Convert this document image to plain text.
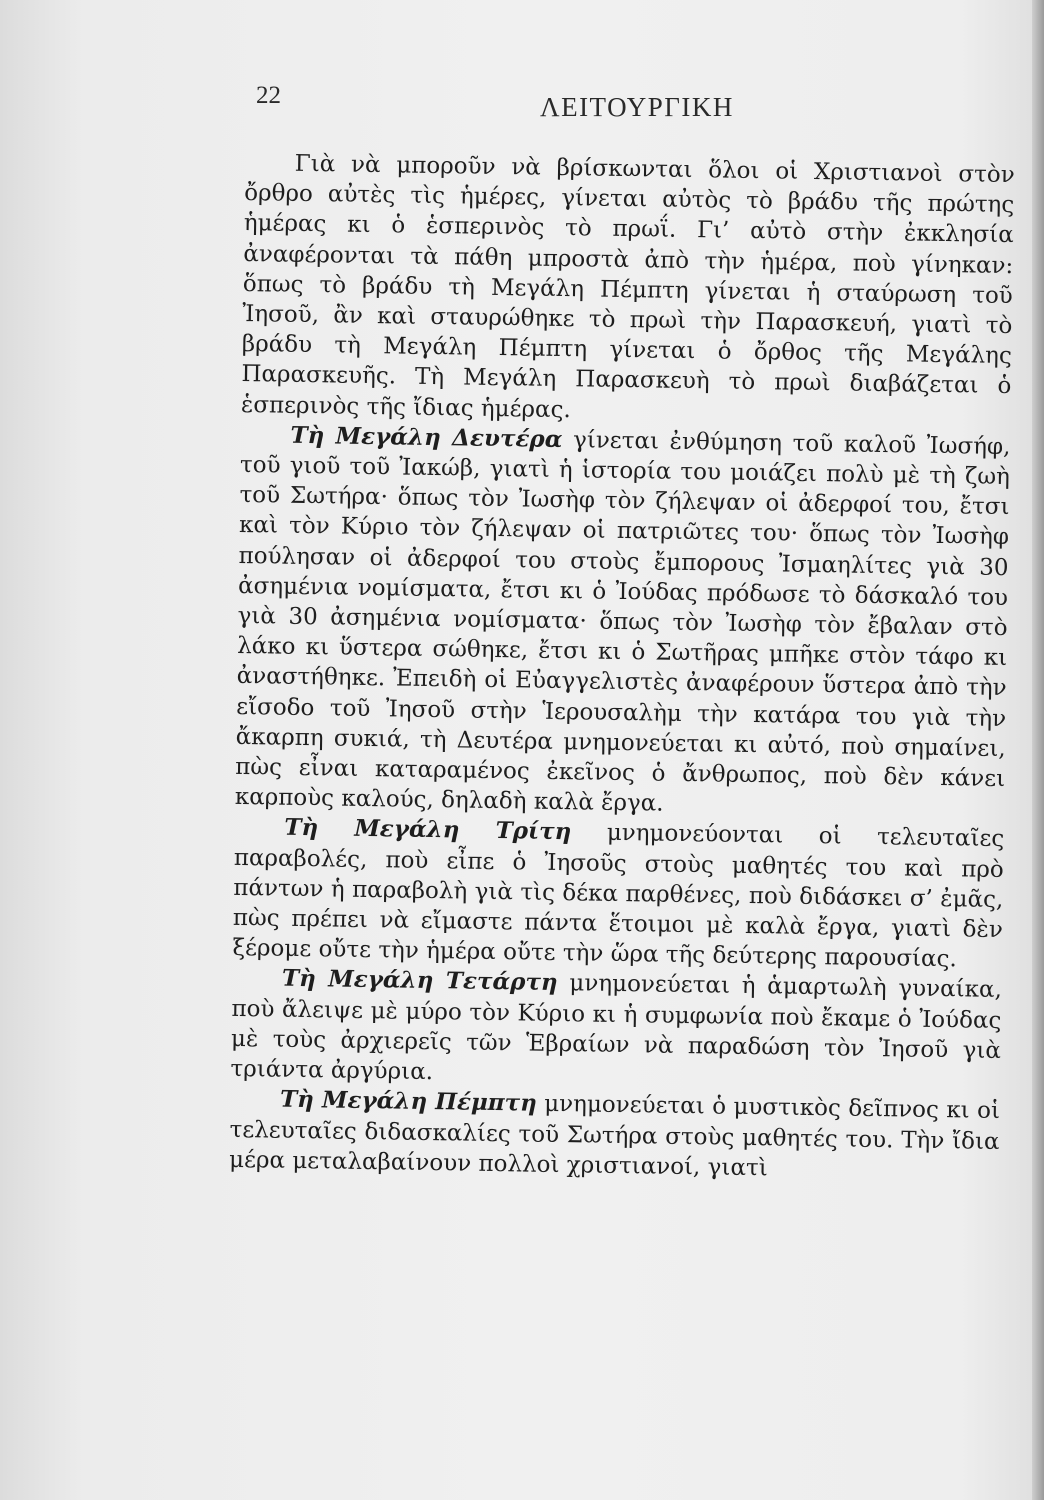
22	ΛΕΙΤΟΥΡΓΙΚΗ

Γιὰ νὰ μποροῦν νὰ βρίσκωνται ὅλοι οἱ Χριστιανοὶ στὸν ὄρθρο αὐτὲς τὶς ἡμέρες, γίνεται αὐτὸς τὸ βράδυ τῆς πρώτης ἡμέρας κι ὁ ἑσπερινὸς τὸ πρωΐ. Γι’ αὐτὸ στὴν ἐκκλησία ἀναφέρονται τὰ πάθη μπροστὰ ἀπὸ τὴν ἡμέρα, ποὺ γίνηκαν: ὅπως τὸ βράδυ τὴ Μεγάλη Πέμπτη γίνεται ἡ σταύρωση τοῦ Ἰησοῦ, ἂν καὶ σταυρώθηκε τὸ πρωὶ τὴν Παρασκευή, γιατὶ τὸ βράδυ τὴ Μεγάλη Πέμπτη γίνεται ὁ ὄρθος τῆς Μεγάλης Παρασκευῆς. Τὴ Μεγάλη Παρασκευὴ τὸ πρωὶ διαβάζεται ὁ ἑσπερινὸς τῆς ἴδιας ἡμέρας.

Τὴ Μεγάλη Δευτέρα γίνεται ἐνθύμηση τοῦ καλοῦ Ἰωσήφ, τοῦ γιοῦ τοῦ Ἰακώβ, γιατὶ ἡ ἱστορία του μοιάζει πολὺ μὲ τὴ ζωὴ τοῦ Σωτήρα· ὅπως τὸν Ἰωσὴφ τὸν ζήλεψαν οἱ ἀδερφοί του, ἔτσι καὶ τὸν Κύριο τὸν ζήλεψαν οἱ πατριῶτες του· ὅπως τὸν Ἰωσὴφ πούλησαν οἱ ἀδερφοί του στοὺς ἔμπορους Ἰσμαηλίτες γιὰ 30 ἀσημένια νομίσματα, ἔτσι κι ὁ Ἰούδας πρόδωσε τὸ δάσκαλό του γιὰ 30 ἀσημένια νομίσματα· ὅπως τὸν Ἰωσὴφ τὸν ἔβαλαν στὸ λάκο κι ὕστερα σώθηκε, ἔτσι κι ὁ Σωτῆρας μπῆκε στὸν τάφο κι ἀναστήθηκε. Ἐπειδὴ οἱ Εὐαγγελιστὲς ἀναφέρουν ὕστερα ἀπὸ τὴν εἴσοδο τοῦ Ἰησοῦ στὴν Ἱερουσαλὴμ τὴν κατάρα του γιὰ τὴν ἄκαρπη συκιά, τὴ Δευτέρα μνημονεύεται κι αὐτό, ποὺ σημαίνει, πὼς εἶναι καταραμένος ἐκεῖνος ὁ ἄνθρωπος, ποὺ δὲν κάνει καρποὺς καλούς, δηλαδὴ καλὰ ἔργα.

Τὴ Μεγάλη Τρίτη μνημονεύονται οἱ τελευταῖες παραβολές, ποὺ εἶπε ὁ Ἰησοῦς στοὺς μαθητές του καὶ πρὸ πάντων ἡ παραβολὴ γιὰ τὶς δέκα παρθένες, ποὺ διδάσκει σ’ ἐμᾶς, πὼς πρέπει νὰ εἴμαστε πάντα ἕτοιμοι μὲ καλὰ ἔργα, γιατὶ δὲν ξέρομε οὔτε τὴν ἡμέρα οὔτε τὴν ὥρα τῆς δεύτερης παρουσίας.

Τὴ Μεγάλη Τετάρτη μνημονεύεται ἡ ἁμαρτωλὴ γυναίκα, ποὺ ἄλειψε μὲ μύρο τὸν Κύριο κι ἡ συμφωνία ποὺ ἔκαμε ὁ Ἰούδας μὲ τοὺς ἀρχιερεῖς τῶν Ἑβραίων νὰ παραδώση τὸν Ἰησοῦ γιὰ τριάντα ἀργύρια.

Τὴ Μεγάλη Πέμπτη μνημονεύεται ὁ μυστικὸς δεῖπνος κι οἱ τελευταῖες διδασκαλίες τοῦ Σωτήρα στοὺς μαθητές του. Τὴν ἴδια μέρα μεταλαβαίνουν πολλοὶ χριστιανοί, γιατὶ
